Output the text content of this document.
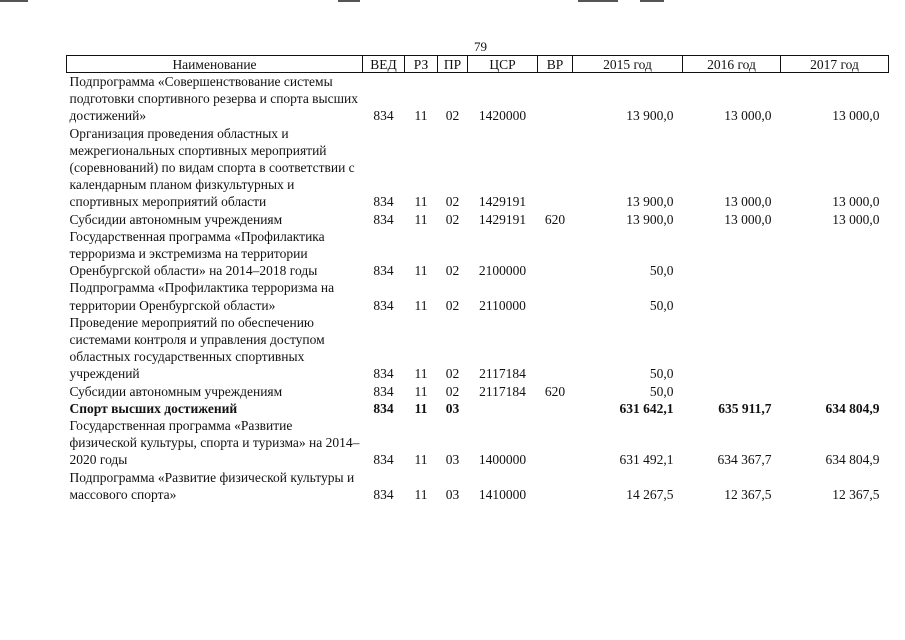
79
Наименование	ВЕД	РЗ	ПР	ЦСР	ВР	2015 год	2016 год	2017 год
Подпрограмма «Совершенствование системы подготовки спортивного резерва и спорта высших достижений»	834	11	02	1420000		13 900,0	13 000,0	13 000,0
Организация проведения областных и межрегиональных спортивных мероприятий (соревнований) по видам спорта в соответствии с календарным планом физкультурных и спортивных мероприятий области	834	11	02	1429191		13 900,0	13 000,0	13 000,0
Субсидии автономным учреждениям	834	11	02	1429191	620	13 900,0	13 000,0	13 000,0
Государственная программа «Профилактика терроризма и экстремизма на территории Оренбургской области» на 2014–2018 годы	834	11	02	2100000		50,0		
Подпрограмма «Профилактика терроризма на территории Оренбургской области»	834	11	02	2110000		50,0		
Проведение мероприятий по обеспечению системами контроля и управления доступом областных государственных спортивных учреждений	834	11	02	2117184		50,0		
Субсидии автономным учреждениям	834	11	02	2117184	620	50,0		
Спорт высших достижений	834	11	03			631 642,1	635 911,7	634 804,9
Государственная программа «Развитие физической культуры, спорта и туризма» на 2014–2020 годы	834	11	03	1400000		631 492,1	634 367,7	634 804,9
Подпрограмма «Развитие физической культуры и массового спорта»	834	11	03	1410000		14 267,5	12 367,5	12 367,5
